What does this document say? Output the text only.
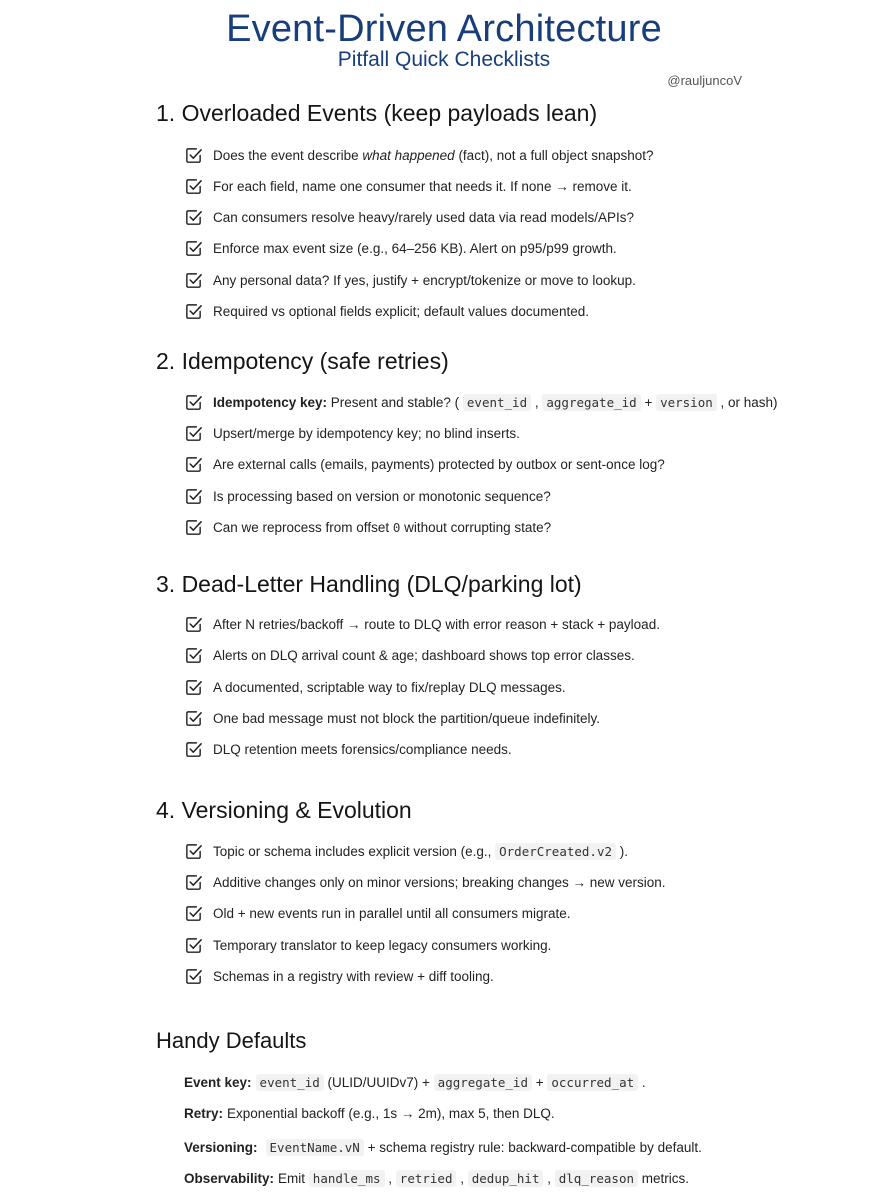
Event-Driven Architecture
Pitfall Quick Checklists
@rauljuncoV
1. Overloaded Events (keep payloads lean)
Does the event describe what happened (fact), not a full object snapshot?
For each field, name one consumer that needs it. If none → remove it.
Can consumers resolve heavy/rarely used data via read models/APIs?
Enforce max event size (e.g., 64–256 KB). Alert on p95/p99 growth.
Any personal data? If yes, justify + encrypt/tokenize or move to lookup.
Required vs optional fields explicit; default values documented.
2. Idempotency (safe retries)
Idempotency key: Present and stable? ( event_id , aggregate_id + version , or hash)
Upsert/merge by idempotency key; no blind inserts.
Are external calls (emails, payments) protected by outbox or sent-once log?
Is processing based on version or monotonic sequence?
Can we reprocess from offset 0 without corrupting state?
3. Dead-Letter Handling (DLQ/parking lot)
After N retries/backoff → route to DLQ with error reason + stack + payload.
Alerts on DLQ arrival count & age; dashboard shows top error classes.
A documented, scriptable way to fix/replay DLQ messages.
One bad message must not block the partition/queue indefinitely.
DLQ retention meets forensics/compliance needs.
4. Versioning & Evolution
Topic or schema includes explicit version (e.g., OrderCreated.v2 ).
Additive changes only on minor versions; breaking changes → new version.
Old + new events run in parallel until all consumers migrate.
Temporary translator to keep legacy consumers working.
Schemas in a registry with review + diff tooling.
Handy Defaults
Event key: event_id (ULID/UUIDv7) + aggregate_id + occurred_at .
Retry: Exponential backoff (e.g., 1s → 2m), max 5, then DLQ.
Versioning: EventName.vN + schema registry rule: backward-compatible by default.
Observability: Emit handle_ms , retried , dedup_hit , dlq_reason metrics.
